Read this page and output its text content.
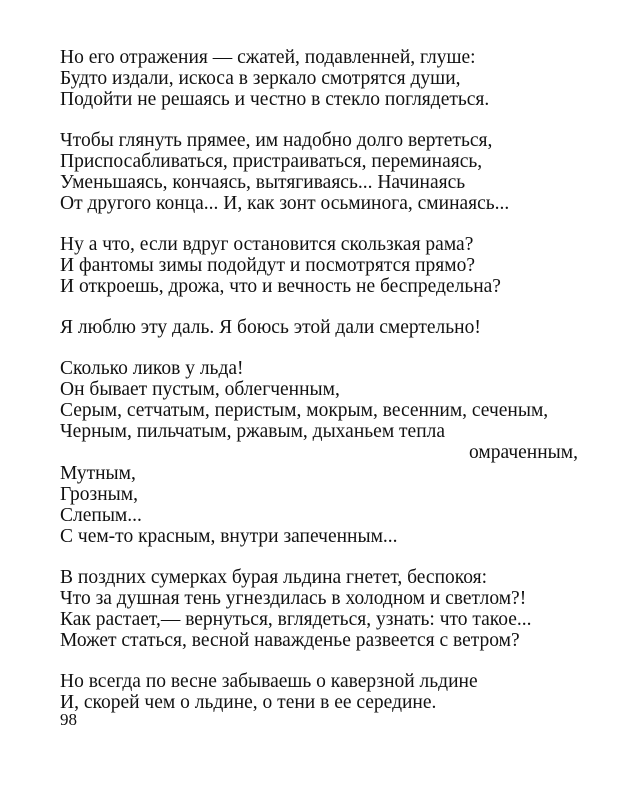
Но его отражения — сжатей, подавленней, глуше:
Будто издали, искоса в зеркало смотрятся души,
Подойти не решаясь и честно в стекло поглядеться.
Чтобы глянуть прямее, им надобно долго вертеться,
Приспосабливаться, пристраиваться, переминаясь,
Уменьшаясь, кончаясь, вытягиваясь... Начинаясь
От другого конца... И, как зонт осьминога, сминаясь...
Ну а что, если вдруг остановится скользкая рама?
И фантомы зимы подойдут и посмотрятся прямо?
И откроешь, дрожа, что и вечность не беспредельна?
Я люблю эту даль. Я боюсь этой дали смертельно!
Сколько ликов у льда!
Он бывает пустым, облегченным,
Серым, сетчатым, перистым, мокрым, весенним, сеченым,
Черным, пильчатым, ржавым, дыханьем тепла
омраченным,
Мутным,
Грозным,
Слепым...
С чем-то красным, внутри запеченным...
В поздних сумерках бурая льдина гнетет, беспокоя:
Что за душная тень угнездилась в холодном и светлом?!
Как растает,— вернуться, вглядеться, узнать: что такое...
Может статься, весной наважденье развеется с ветром?
Но всегда по весне забываешь о каверзной льдине
И, скорей чем о льдине, о тени в ее середине.
98
